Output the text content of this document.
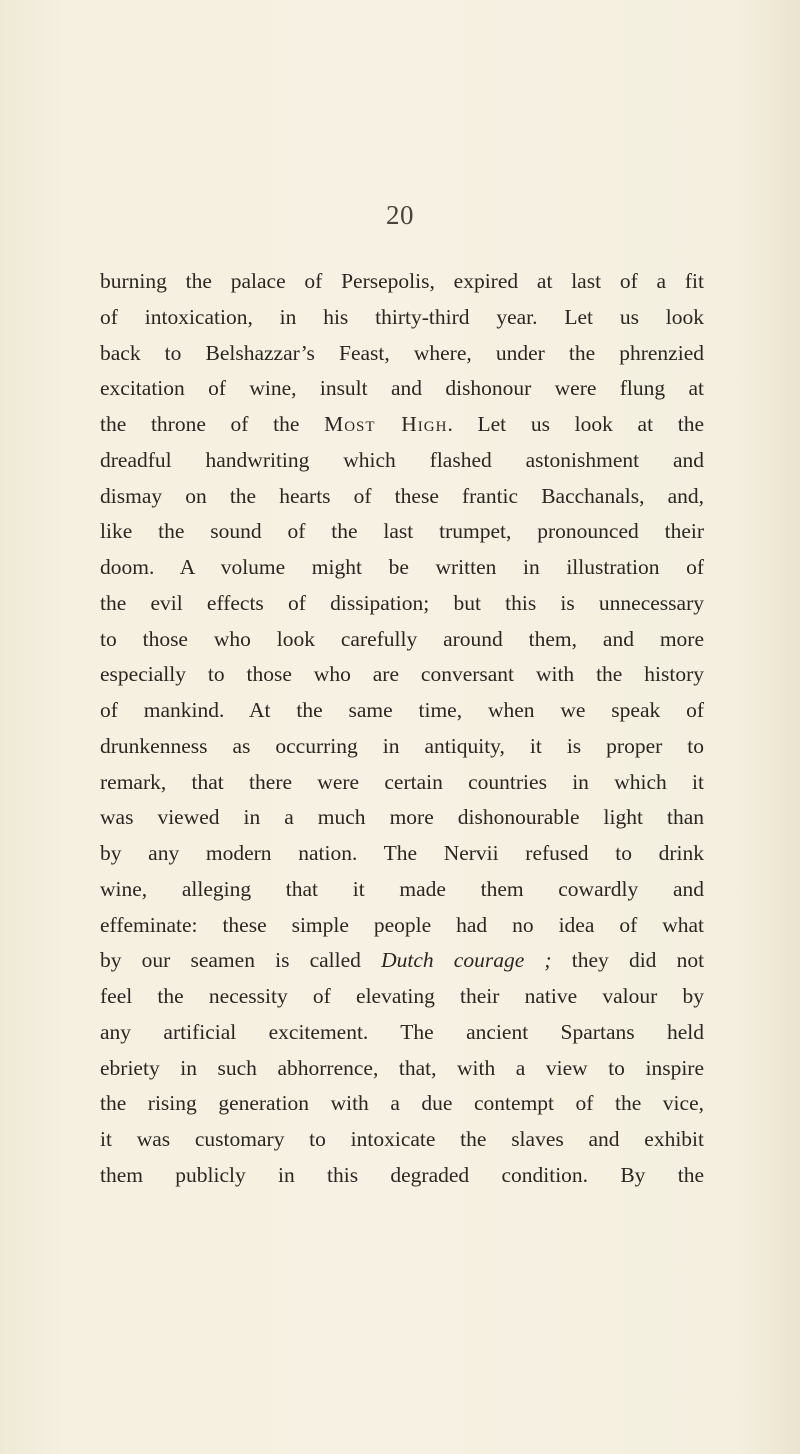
20
burning the palace of Persepolis, expired at last of a fit
of intoxication, in his thirty-third year. Let us look
back to Belshazzar’s Feast, where, under the phrenzied
excitation of wine, insult and dishonour were flung at
the throne of the Most High. Let us look at the
dreadful handwriting which flashed astonishment and
dismay on the hearts of these frantic Bacchanals, and,
like the sound of the last trumpet, pronounced their
doom. A volume might be written in illustration of
the evil effects of dissipation; but this is unnecessary
to those who look carefully around them, and more
especially to those who are conversant with the history
of mankind. At the same time, when we speak of
drunkenness as occurring in antiquity, it is proper to
remark, that there were certain countries in which it
was viewed in a much more dishonourable light than
by any modern nation. The Nervii refused to drink
wine, alleging that it made them cowardly and
effeminate: these simple people had no idea of what
by our seamen is called Dutch courage ; they did not
feel the necessity of elevating their native valour by
any artificial excitement. The ancient Spartans held
ebriety in such abhorrence, that, with a view to inspire
the rising generation with a due contempt of the vice,
it was customary to intoxicate the slaves and exhibit
them publicly in this degraded condition. By the
